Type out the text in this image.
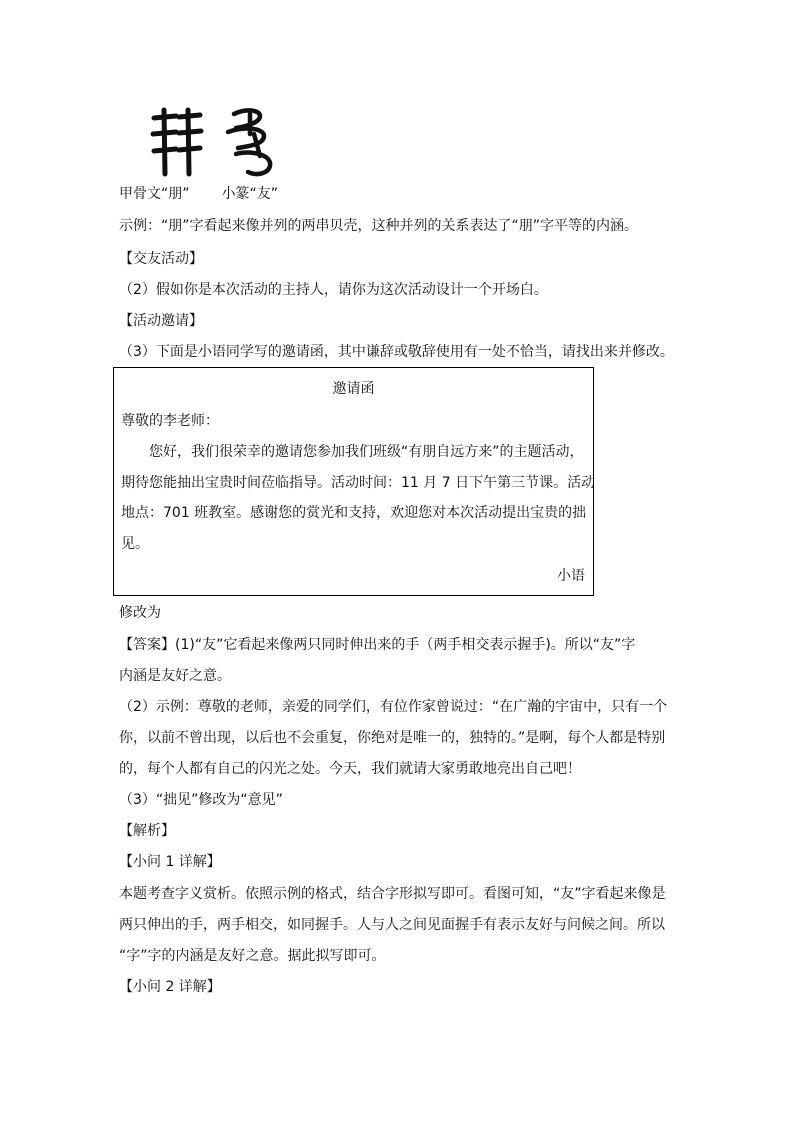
甲骨文“朋” 小篆“友”
示例：“朋”字看起来像并列的两串贝壳，这种并列的关系表达了“朋”字平等的内涵。
【交友活动】
（2）假如你是本次活动的主持人，请你为这次活动设计一个开场白。
【活动邀请】
（3）下面是小语同学写的邀请函，其中谦辞或敬辞使用有一处不恰当，请找出来并修改。
邀请函
尊敬的李老师：
您好，我们很荣幸的邀请您参加我们班级“有朋自远方来”的主题活动，
期待您能抽出宝贵时间莅临指导。活动时间：11 月 7 日下午第三节课。活动
地点：701 班教室。感谢您的赏光和支持，欢迎您对本次活动提出宝贵的拙
见。
小语
修改为
【答案】(1)“友”它看起来像两只同时伸出来的手（两手相交表示握手)。所以“友”字
内涵是友好之意。
（2）示例：尊敬的老师，亲爱的同学们，有位作家曾说过：“在广瀚的宇宙中，只有一个
你，以前不曾出现，以后也不会重复，你绝对是唯一的，独特的。”是啊，每个人都是特别
的，每个人都有自己的闪光之处。今天，我们就请大家勇敢地亮出自己吧！
（3）“拙见”修改为“意见”
【解析】
【小问 1 详解】
本题考查字义赏析。依照示例的格式，结合字形拟写即可。看图可知，“友”字看起来像是
两只伸出的手，两手相交，如同握手。人与人之间见面握手有表示友好与问候之间。所以
“字”字的内涵是友好之意。据此拟写即可。
【小问 2 详解】
